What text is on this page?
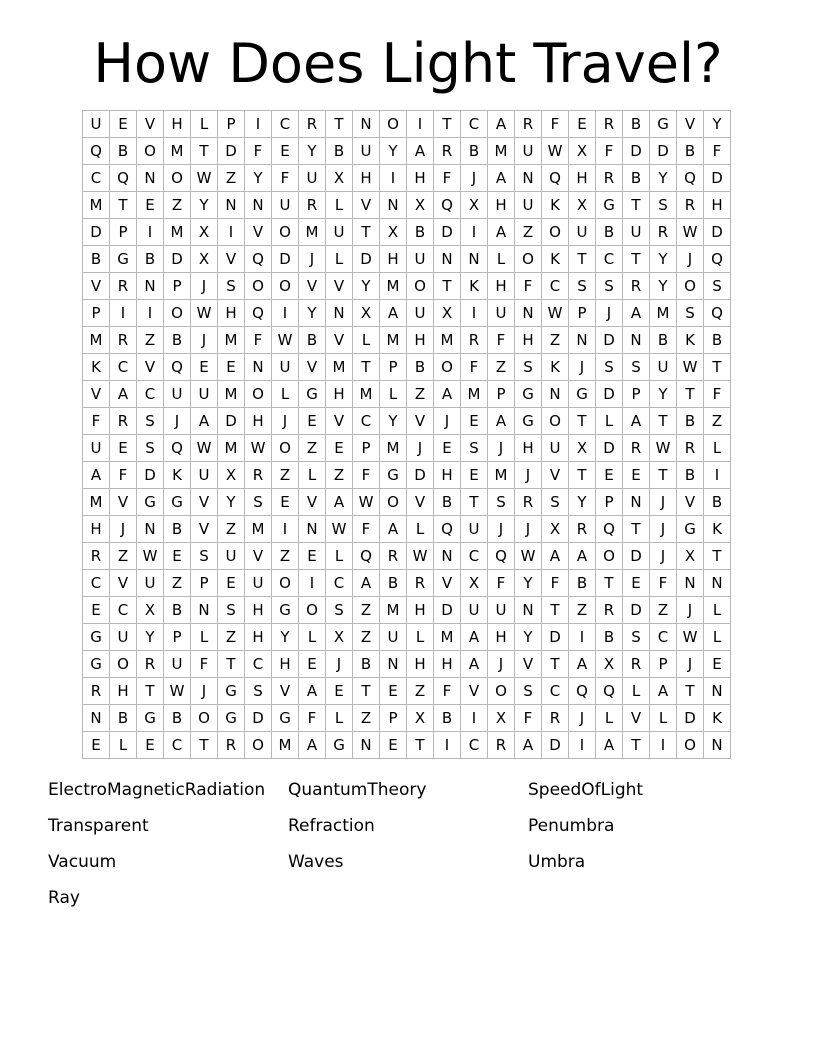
How Does Light Travel?
U	E	V	H	L	P	I	C	R	T	N	O	I	T	C	A	R	F	E	R	B	G	V	Y
Q	B	O M	T	D	F	E	Y	B	U	Y	A	R	B	M	U W X	F	D	D	B	F
C	Q	N	O W Z	Y	F	U	X	H	I	H	F	J	A	N	Q	H	R	B	Y	Q	D
M	T	E	Z	Y	N	N	U	R	L	V	N	X	Q	X	H	U	K	X	G	T	S	R	H
D	P	I	M	X	I	V	O M	U	T	X	B	D	I	A	Z	O	U	B	U	R W D
B	G	B	D	X	V	Q	D	J	L	D	H	U	N	N	L	O	K	T	C	T	Y	J	Q
V	R	N	P	J	S	O	O	V	V	Y	M O	T	K	H	F	C	S	S	R	Y	O	S
P	I	I	O W H	Q	I	Y	N	X	A	U	X	I	U	N W	P	J	A	M	S	Q
M	R	Z	B	J	M	F	W B	V	L	M H M	R	F	H	Z	N	D	N	B	K	B
K	C	V	Q	E	E	N	U	V	M	T	P	B	O	F	Z	S	K	J	S	S	U W T
V	A	C	U	U	M O	L	G	H M	L	Z	A	M	P	G	N	G	D	P	Y	T	F
F	R	S	J	A	D	H	J	E	V	C	Y	V	J	E	A	G	O	T	L	A	T	B	Z
U	E	S	Q W M W O	Z	E	P	M	J	E	S	J	H	U	X	D	R W R	L
A	F	D	K	U	X	R	Z	L	Z	F	G	D	H	E	M	J	V	T	E	E	T	B	I
M	V	G	G	V	Y	S	E	V	A W O	V	B	T	S	R	S	Y	P	N	J	V	B
H	J	N	B	V	Z	M	I	N W	F	A	L	Q	U	J	J	X	R	Q	T	J	G	K
R	Z W E	S	U	V	Z	E	L	Q	R W N	C	Q W A	A	O	D	J	X	T
C	V	U	Z	P	E	U	O	I	C	A	B	R	V	X	F	Y	F	B	T	E	F	N	N
E	C	X	B	N	S	H	G	O	S	Z	M H	D	U	U	N	T	Z	R	D	Z	J	L
G	U	Y	P	L	Z	H	Y	L	X	Z	U	L	M	A	H	Y	D	I	B	S	C W	L
G	O	R	U	F	T	C	H	E	J	B	N	H	H	A	J	V	T	A	X	R	P	J	E
R	H	T	W	J	G	S	V	A	E	T	E	Z	F	V	O	S	C	Q	Q	L	A	T	N
N	B	G	B	O	G	D	G	F	L	Z	P	X	B	I	X	F	R	J	L	V	L	D	K
E	L	E	C	T	R	O M	A	G	N	E	T	I	C	R	A	D	I	A	T	I	O	N
ElectroMagneticRadiation	QuantumTheory	SpeedOfLight
Transparent	Refraction	Penumbra
Vacuum	Waves	Umbra
Ray
